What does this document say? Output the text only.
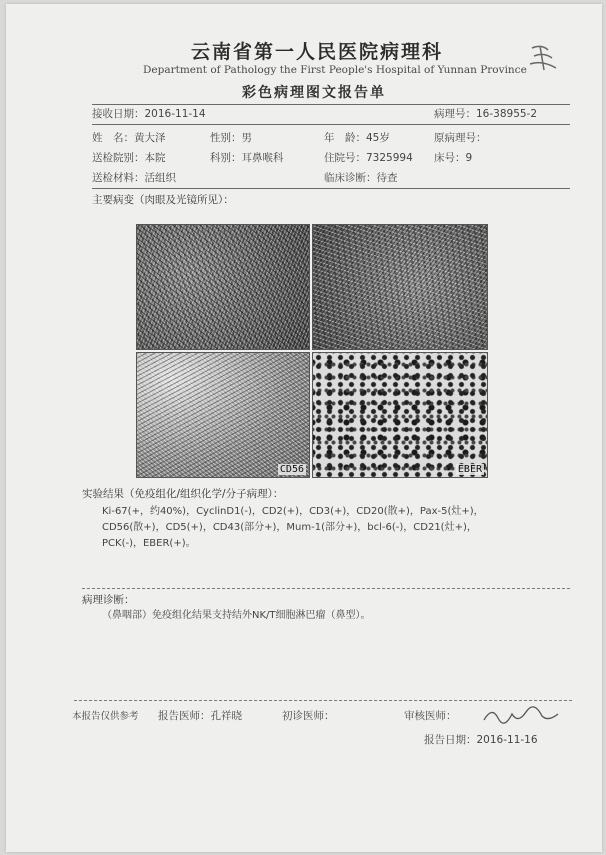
云南省第一人民医院病理科
Department of Pathology the First People's Hospital of Yunnan Province
彩色病理图文报告单
接收日期：2016-11-14	病理号：16-38955-2
姓　名：黄大泽	性别：男	年　龄：45岁	原病理号：
送检院别：本院	科别：耳鼻喉科	住院号：7325994 床号：9
送检材料：活组织	临床诊断：待查
主要病变（肉眼及光镜所见）：
CD56	EBER
实验结果（免疫组化/组织化学/分子病理）：
Ki-67(+，约40%)，CyclinD1(-)，CD2(+)，CD3(+)，CD20(散+)，Pax-5(灶+)，CD56(散+)，CD5(+)，CD43(部分+)，Mum-1(部分+)，bcl-6(-)，CD21(灶+)，PCK(-)，EBER(+)。
病理诊断：
（鼻咽部）免疫组化结果支持结外NK/T细胞淋巴瘤（鼻型）。
本报告仅供参考 报告医师：孔祥晓	初诊医师：	审核医师：
报告日期：2016-11-16
